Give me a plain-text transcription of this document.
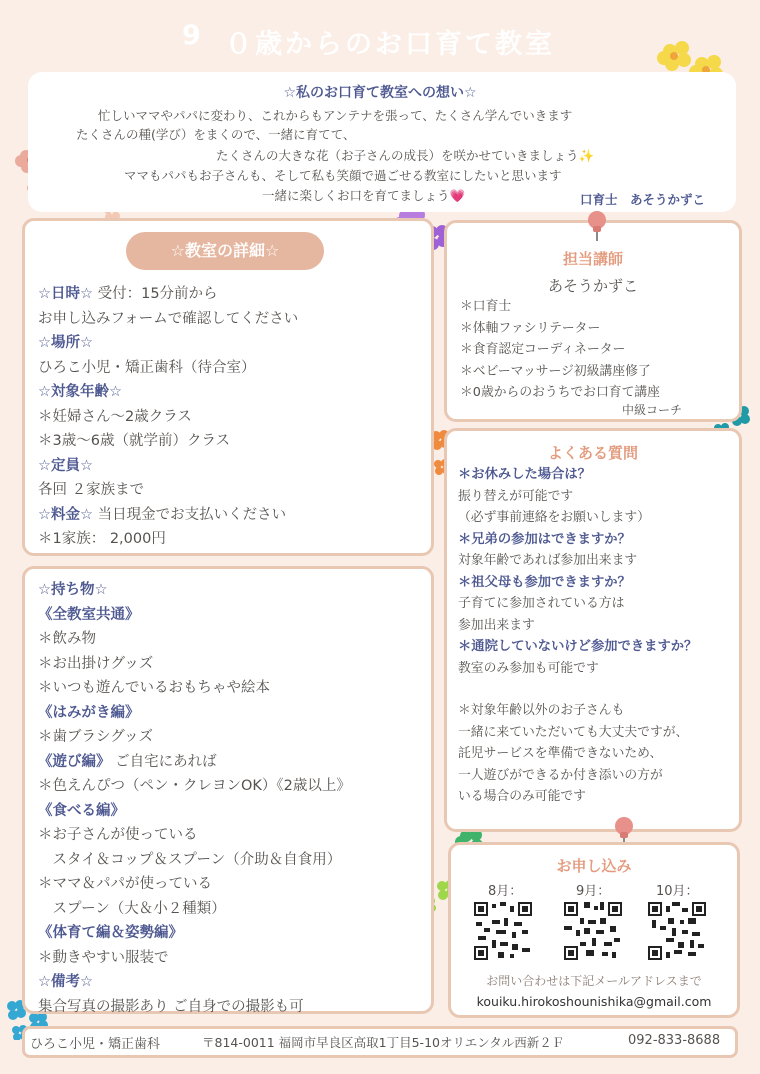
9 ０歳からのお口育て教室
☆私のお口育て教室への想い☆
忙しいママやパパに変わり、これからもアンテナを張って、たくさん学んでいきます
たくさんの種(学び）をまくので、一緒に育てて、
たくさんの大きな花（お子さんの成長）を咲かせていきましょう✨
ママもパパもお子さんも、そして私も笑顔で過ごせる教室にしたいと思います
一緒に楽しくお口を育てましょう💗	口育士　あそうかずこ
☆教室の詳細☆
☆日時☆ 受付：15分前から
お申し込みフォームで確認してください
☆場所☆
ひろこ小児・矯正歯科（待合室）
☆対象年齢☆
＊妊婦さん〜2歳クラス
＊3歳〜6歳（就学前）クラス
☆定員☆
各回 ２家族まで
☆料金☆ 当日現金でお支払いください
＊1家族： 2,000円
☆持ち物☆
《全教室共通》
＊飲み物
＊お出掛けグッズ
＊いつも遊んでいるおもちゃや絵本
《はみがき編》
＊歯ブラシグッズ
《遊び編》 ご自宅にあれば
＊色えんぴつ（ペン・クレヨンOK）《2歳以上》
《食べる編》
＊お子さんが使っている
　スタイ＆コップ＆スプーン（介助＆自食用）
＊ママ＆パパが使っている
　スプーン（大＆小２種類）
《体育て編＆姿勢編》
＊動きやすい服装で
☆備考☆
集合写真の撮影あり ご自身での撮影も可
担当講師
あそうかずこ
＊口育士
＊体軸ファシリテーター
＊食育認定コーディネーター
＊ベビーマッサージ初級講座修了
＊0歳からのおうちでお口育て講座
中級コーチ
よくある質問
＊お休みした場合は？
振り替えが可能です
（必ず事前連絡をお願いします）
＊兄弟の参加はできますか？
対象年齢であれば参加出来ます
＊祖父母も参加できますか？
子育てに参加されている方は
参加出来ます
＊通院していないけど参加できますか？
教室のみ参加も可能です
＊対象年齢以外のお子さんも
一緒に来ていただいても大丈夫ですが、
託児サービスを準備できないため、
一人遊びができるか付き添いの方が
いる場合のみ可能です
お申し込み
8月：	9月：	10月：
お問い合わせは下記メールアドレスまで
kouiku.hirokoshounishika@gmail.com
ひろこ小児・矯正歯科	〒814-0011 福岡市早良区高取1丁目5-10オリエンタル西新２Ｆ	092-833-8688
